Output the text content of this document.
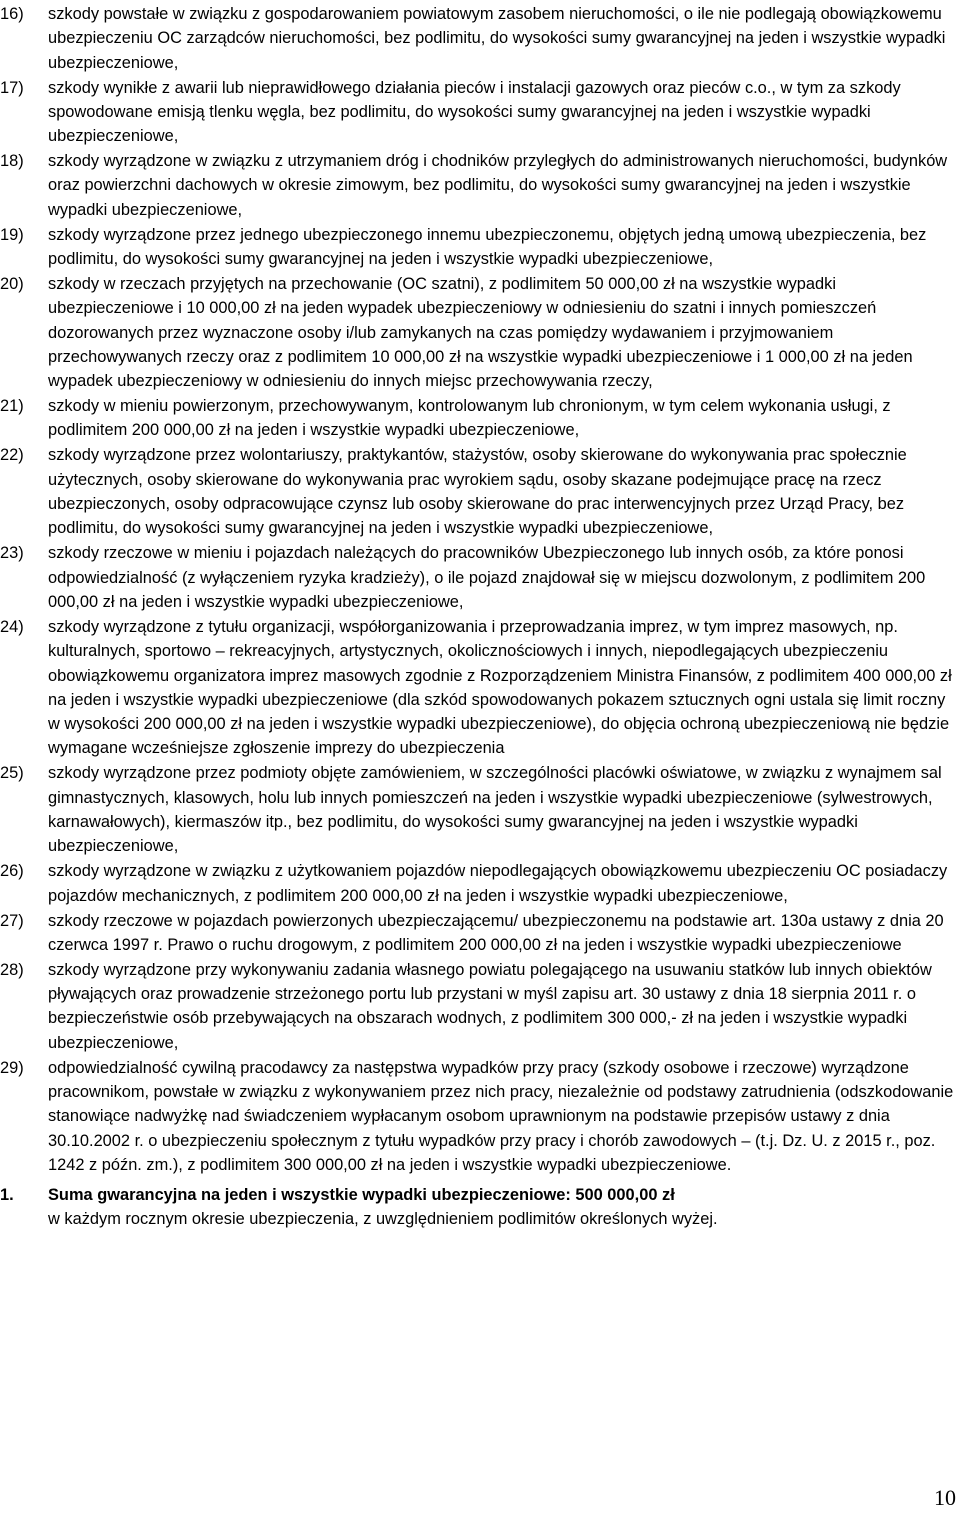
16)	szkody powstałe w związku z gospodarowaniem powiatowym zasobem nieruchomości, o ile nie podlegają obowiązkowemu ubezpieczeniu OC zarządców nieruchomości, bez podlimitu, do wysokości sumy gwarancyjnej na jeden i wszystkie wypadki ubezpieczeniowe,
17)	szkody wynikłe z awarii lub nieprawidłowego działania pieców i instalacji gazowych oraz pieców c.o., w tym za szkody spowodowane emisją tlenku węgla, bez podlimitu, do wysokości sumy gwarancyjnej na jeden i wszystkie wypadki ubezpieczeniowe,
18)	szkody wyrządzone w związku z utrzymaniem dróg i chodników przyległych do administrowanych nieruchomości, budynków oraz powierzchni dachowych w okresie zimowym, bez podlimitu, do wysokości sumy gwarancyjnej na jeden i wszystkie wypadki ubezpieczeniowe,
19)	szkody wyrządzone przez jednego ubezpieczonego innemu ubezpieczonemu, objętych jedną umową ubezpieczenia, bez podlimitu, do wysokości sumy gwarancyjnej na jeden i wszystkie wypadki ubezpieczeniowe,
20)	szkody w rzeczach przyjętych na przechowanie (OC szatni), z podlimitem 50 000,00 zł na wszystkie wypadki ubezpieczeniowe i 10 000,00 zł na jeden wypadek ubezpieczeniowy w odniesieniu do szatni i innych pomieszczeń dozorowanych przez wyznaczone osoby i/lub zamykanych na czas pomiędzy wydawaniem i przyjmowaniem przechowywanych rzeczy oraz z podlimitem 10 000,00 zł na wszystkie wypadki ubezpieczeniowe i 1 000,00 zł na jeden wypadek ubezpieczeniowy w odniesieniu do innych miejsc przechowywania rzeczy,
21)	szkody w mieniu powierzonym, przechowywanym, kontrolowanym lub chronionym, w tym celem wykonania usługi, z podlimitem 200 000,00 zł na jeden i wszystkie wypadki ubezpieczeniowe,
22)	szkody wyrządzone przez wolontariuszy, praktykantów, stażystów, osoby skierowane do wykonywania prac społecznie użytecznych, osoby skierowane do wykonywania prac wyrokiem sądu, osoby skazane podejmujące pracę na rzecz ubezpieczonych, osoby odpracowujące czynsz lub osoby skierowane do prac interwencyjnych przez Urząd Pracy, bez podlimitu, do wysokości sumy gwarancyjnej na jeden i wszystkie wypadki ubezpieczeniowe,
23)	szkody rzeczowe w mieniu i pojazdach należących do pracowników Ubezpieczonego lub innych osób, za które ponosi odpowiedzialność (z wyłączeniem ryzyka kradzieży), o ile pojazd znajdował się w miejscu dozwolonym, z podlimitem 200 000,00 zł na jeden i wszystkie wypadki ubezpieczeniowe,
24)	szkody wyrządzone z tytułu organizacji, współorganizowania i przeprowadzania imprez, w tym imprez masowych, np. kulturalnych, sportowo – rekreacyjnych, artystycznych, okolicznościowych i innych, niepodlegających ubezpieczeniu obowiązkowemu organizatora imprez masowych zgodnie z Rozporządzeniem Ministra Finansów, z podlimitem 400 000,00 zł na jeden i wszystkie wypadki ubezpieczeniowe (dla szkód spowodowanych pokazem sztucznych ogni ustala się limit roczny w wysokości 200 000,00 zł na jeden i wszystkie wypadki ubezpieczeniowe), do objęcia ochroną ubezpieczeniową nie będzie wymagane wcześniejsze zgłoszenie imprezy do ubezpieczenia
25)	szkody wyrządzone przez podmioty objęte zamówieniem, w szczególności placówki oświatowe, w związku z wynajmem sal gimnastycznych, klasowych, holu lub innych pomieszczeń na jeden i wszystkie wypadki ubezpieczeniowe (sylwestrowych, karnawałowych), kiermaszów itp., bez podlimitu, do wysokości sumy gwarancyjnej na jeden i wszystkie wypadki ubezpieczeniowe,
26)	szkody wyrządzone w związku z użytkowaniem pojazdów niepodlegających obowiązkowemu ubezpieczeniu OC posiadaczy pojazdów mechanicznych, z podlimitem 200 000,00 zł na jeden i wszystkie wypadki ubezpieczeniowe,
27)	szkody rzeczowe w pojazdach powierzonych ubezpieczającemu/ ubezpieczonemu na podstawie art. 130a ustawy z dnia 20 czerwca 1997 r. Prawo o ruchu drogowym, z podlimitem 200 000,00 zł na jeden i wszystkie wypadki ubezpieczeniowe
28)	szkody wyrządzone przy wykonywaniu zadania własnego powiatu polegającego na usuwaniu statków lub innych obiektów pływających oraz prowadzenie strzeżonego portu lub przystani w myśl zapisu art. 30 ustawy z dnia 18 sierpnia 2011 r. o bezpieczeństwie osób przebywających na obszarach wodnych, z podlimitem 300 000,- zł na jeden i wszystkie wypadki ubezpieczeniowe,
29)	odpowiedzialność cywilną pracodawcy za następstwa wypadków przy pracy (szkody osobowe i rzeczowe) wyrządzone pracownikom, powstałe w związku z wykonywaniem przez nich pracy, niezależnie od podstawy zatrudnienia (odszkodowanie stanowiące nadwyżkę nad świadczeniem wypłacanym osobom uprawnionym na podstawie przepisów ustawy z dnia 30.10.2002 r. o ubezpieczeniu społecznym z tytułu wypadków przy pracy i chorób zawodowych – (t.j. Dz. U. z 2015 r., poz. 1242 z późn. zm.), z podlimitem 300 000,00 zł na jeden i wszystkie wypadki ubezpieczeniowe.
1. Suma gwarancyjna na jeden i wszystkie wypadki ubezpieczeniowe: 500 000,00 zł
w każdym rocznym okresie ubezpieczenia, z uwzględnieniem podlimitów określonych wyżej.
10
